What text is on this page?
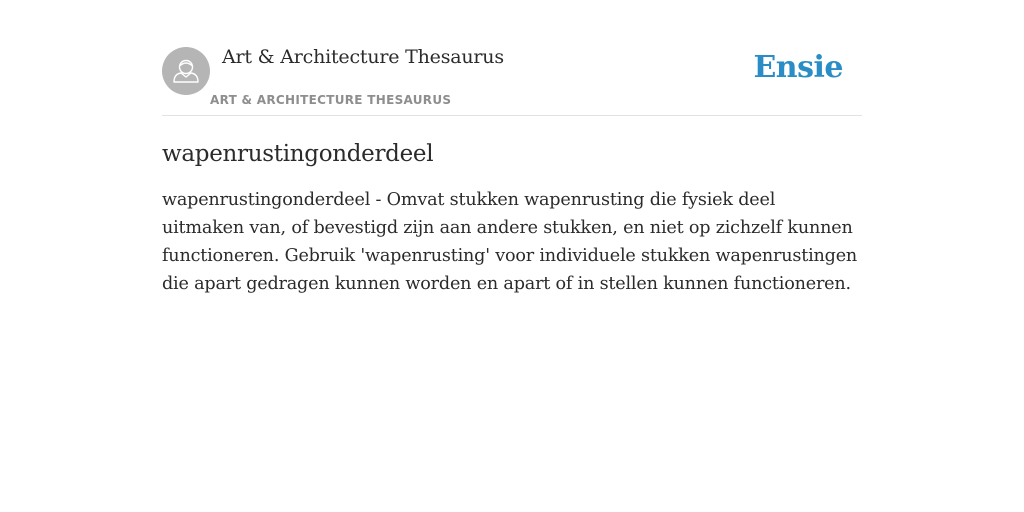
Art & Architecture Thesaurus
ART & ARCHITECTURE THESAURUS
Ensie
wapenrustingonderdeel

wapenrustingonderdeel - Omvat stukken wapenrusting die fysiek deel uitmaken van, of bevestigd zijn aan andere stukken, en niet op zichzelf kunnen functioneren. Gebruik 'wapenrusting' voor individuele stukken wapenrustingen die apart gedragen kunnen worden en apart of in stellen kunnen functioneren.
